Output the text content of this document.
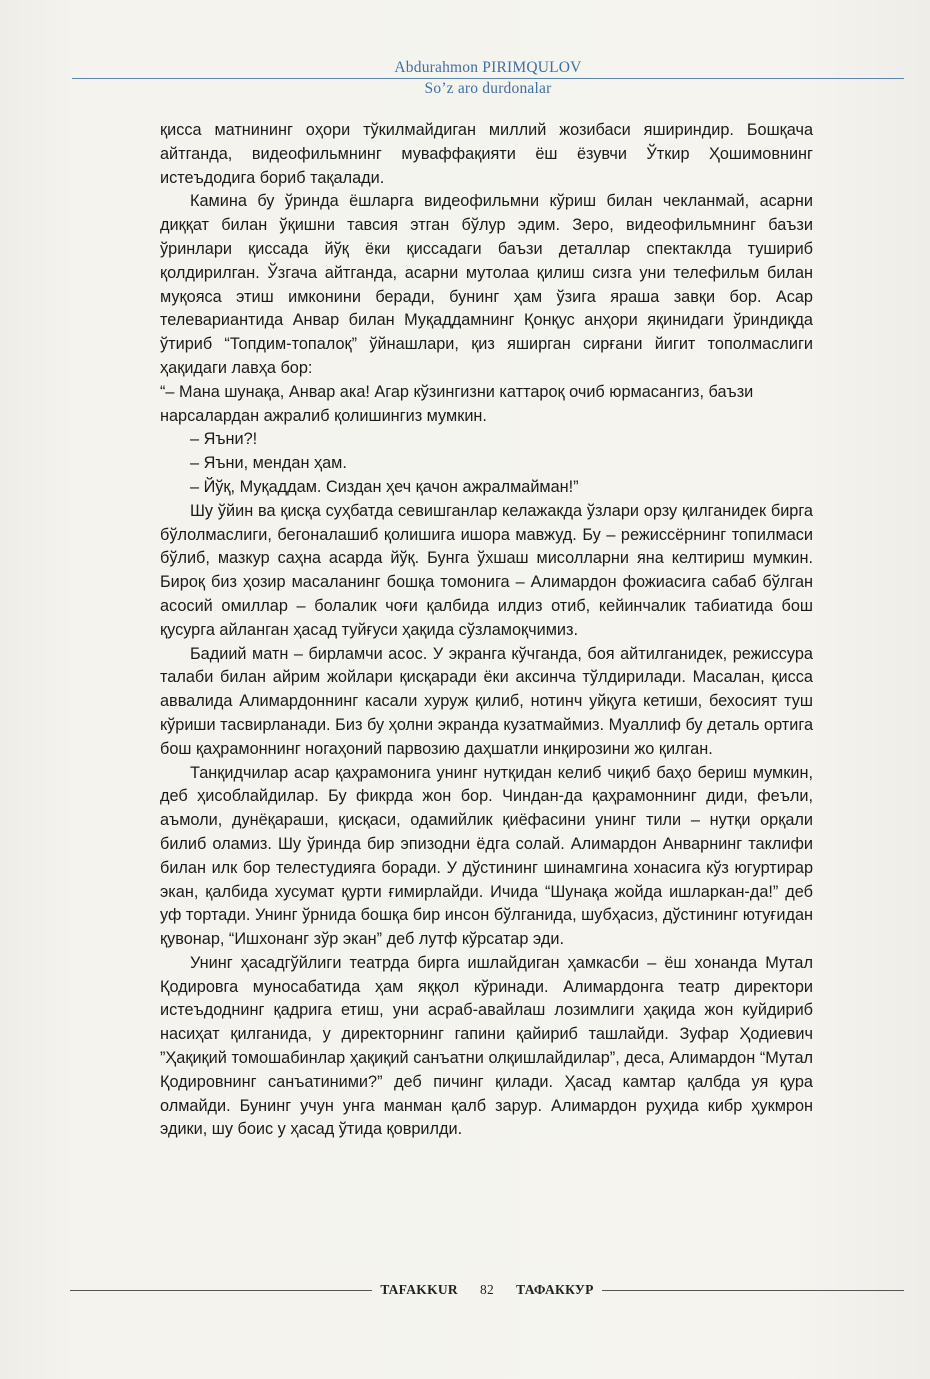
Abdurahmon PIRIMQULOV
So’z aro durdonalar

қисса матнининг оҳори тўкилмайдиган миллий жозибаси яшириндир. Бошқача айтганда, видеофильмнинг муваффақияти ёш ёзувчи Ўткир Ҳошимовнинг истеъдодига бориб тақалади.

Камина бу ўринда ёшларга видеофильмни кўриш билан чекланмай, асарни диққат билан ўқишни тавсия этган бўлур эдим. Зеро, видеофильмнинг баъзи ўринлари қиссада йўқ ёки қиссадаги баъзи деталлар спектаклда тушириб қолдирилган. Ўзгача айтганда, асарни мутолаа қилиш сизга уни телефильм билан муқояса этиш имконини беради, бунинг ҳам ўзига яраша завқи бор. Асар телевариантида Анвар билан Муқаддамнинг Қонқус анҳори яқинидаги ўриндиқда ўтириб “Топдим-топалоқ” ўйнашлари, қиз яширган сирғани йигит тополмаслиги ҳақидаги лавҳа бор:

“– Мана шунақа, Анвар ака! Агар кўзингизни каттароқ очиб юрмасангиз, баъзи нарсалардан ажралиб қолишингиз мумкин.

– Яъни?!

– Яъни, мендан ҳам.

– Йўқ, Муқаддам. Сиздан ҳеч қачон ажралмайман!”

Шу ўйин ва қисқа суҳбатда севишганлар келажакда ўзлари орзу қилганидек бирга бўлолмаслиги, бегоналашиб қолишига ишора мавжуд. Бу – режиссёрнинг топилмаси бўлиб, мазкур саҳна асарда йўқ. Бунга ўхшаш мисолларни яна келтириш мумкин. Бироқ биз ҳозир масаланинг бошқа томонига – Алимардон фожиасига сабаб бўлган асосий омиллар – болалик чоғи қалбида илдиз отиб, кейинчалик табиатида бош қусурга айланган ҳасад туйғуси ҳақида сўзламоқчимиз.

Бадиий матн – бирламчи асос. У экранга кўчганда, боя айтилганидек, режиссура талаби билан айрим жойлари қисқаради ёки аксинча тўлдирилади. Масалан, қисса аввалида Алимардоннинг касали хуруж қилиб, нотинч уйқуга кетиши, бехосият туш кўриши тасвирланади. Биз бу ҳолни экранда кузатмаймиз. Муаллиф бу деталь ортига бош қаҳрамоннинг ногаҳоний парвозию даҳшатли инқирозини жо қилган.

Танқидчилар асар қаҳрамонига унинг нутқидан келиб чиқиб баҳо бериш мумкин, деб ҳисоблайдилар. Бу фикрда жон бор. Чиндан-да қаҳрамоннинг диди, феъли, аъмоли, дунёқараши, қисқаси, одамийлик қиёфасини унинг тили – нутқи орқали билиб оламиз. Шу ўринда бир эпизодни ёдга солай. Алимардон Анварнинг таклифи билан илк бор телестудияга боради. У дўстининг шинамгина хонасига кўз югуртирар экан, қалбида хусумат қурти ғимирлайди. Ичида “Шунақа жойда ишларкан-да!” деб уф тортади. Унинг ўрнида бошқа бир инсон бўлганида, шубҳасиз, дўстининг ютуғидан қувонар, “Ишхонанг зўр экан” деб лутф кўрсатар эди.

Унинг ҳасадгўйлиги театрда бирга ишлайдиган ҳамкасби – ёш хонанда Мутал Қодировга муносабатида ҳам яққол кўринади. Алимардонга театр директори истеъдоднинг қадрига етиш, уни асраб-авайлаш лозимлиги ҳақида жон куйдириб насиҳат қилганида, у директорнинг гапини қайириб ташлайди. Зуфар Ҳодиевич ”Ҳақиқий томошабинлар ҳақиқий санъатни олқишлайдилар”, деса, Алимардон “Мутал Қодировнинг санъатиними?” деб пичинг қилади. Ҳасад камтар қалбда уя қура олмайди. Бунинг учун унга манман қалб зарур. Алимардон руҳида кибр ҳукмрон эдики, шу боис у ҳасад ўтида қоврилди.

TAFAKKUR	82	ТАФАККУР
